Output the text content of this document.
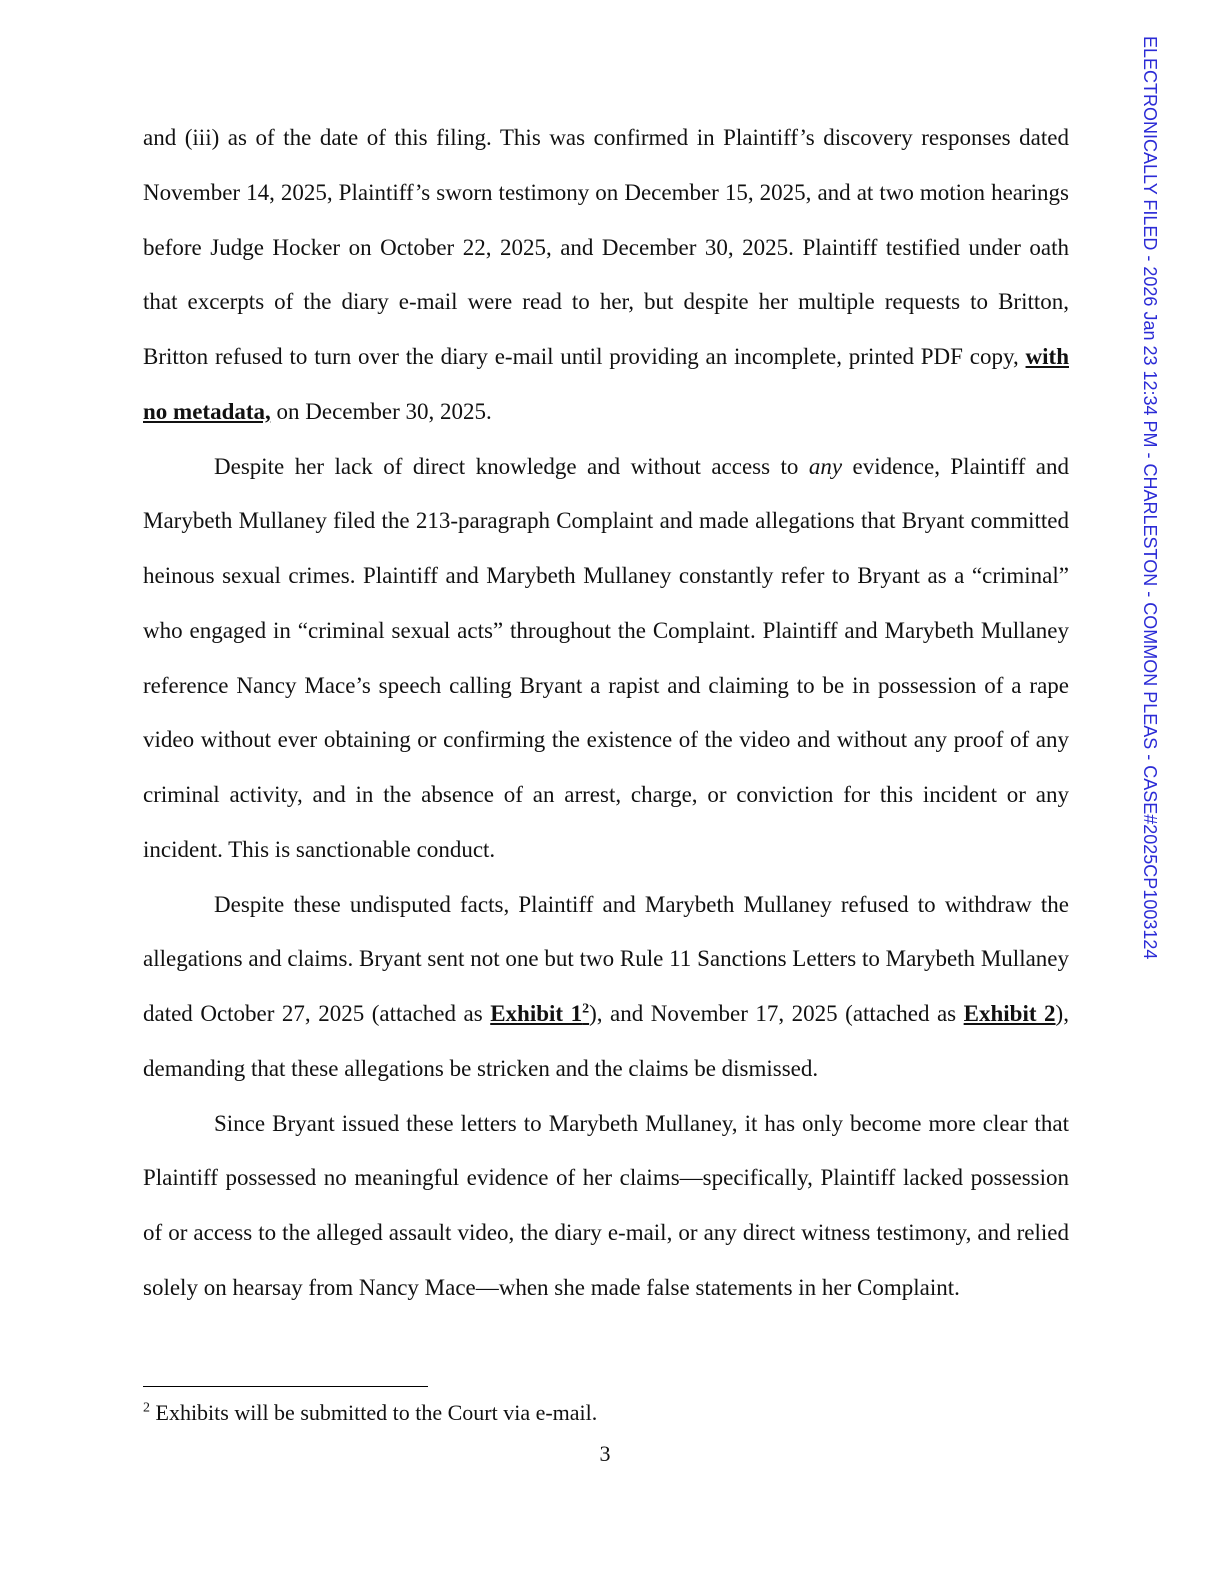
ELECTRONICALLY FILED - 2026 Jan 23 12:34 PM - CHARLESTON - COMMON PLEAS - CASE#2025CP1003124

and (iii) as of the date of this filing. This was confirmed in Plaintiff’s discovery responses dated November 14, 2025, Plaintiff’s sworn testimony on December 15, 2025, and at two motion hearings before Judge Hocker on October 22, 2025, and December 30, 2025. Plaintiff testified under oath that excerpts of the diary e-mail were read to her, but despite her multiple requests to Britton, Britton refused to turn over the diary e-mail until providing an incomplete, printed PDF copy, with no metadata, on December 30, 2025.

Despite her lack of direct knowledge and without access to any evidence, Plaintiff and Marybeth Mullaney filed the 213-paragraph Complaint and made allegations that Bryant committed heinous sexual crimes. Plaintiff and Marybeth Mullaney constantly refer to Bryant as a “criminal” who engaged in “criminal sexual acts” throughout the Complaint. Plaintiff and Marybeth Mullaney reference Nancy Mace’s speech calling Bryant a rapist and claiming to be in possession of a rape video without ever obtaining or confirming the existence of the video and without any proof of any criminal activity, and in the absence of an arrest, charge, or conviction for this incident or any incident. This is sanctionable conduct.

Despite these undisputed facts, Plaintiff and Marybeth Mullaney refused to withdraw the allegations and claims. Bryant sent not one but two Rule 11 Sanctions Letters to Marybeth Mullaney dated October 27, 2025 (attached as Exhibit $1^2$), and November 17, 2025 (attached as Exhibit 2), demanding that these allegations be stricken and the claims be dismissed.

Since Bryant issued these letters to Marybeth Mullaney, it has only become more clear that Plaintiff possessed no meaningful evidence of her claims—specifically, Plaintiff lacked possession of or access to the alleged assault video, the diary e-mail, or any direct witness testimony, and relied solely on hearsay from Nancy Mace—when she made false statements in her Complaint.

$^2$ Exhibits will be submitted to the Court via e-mail.
3
